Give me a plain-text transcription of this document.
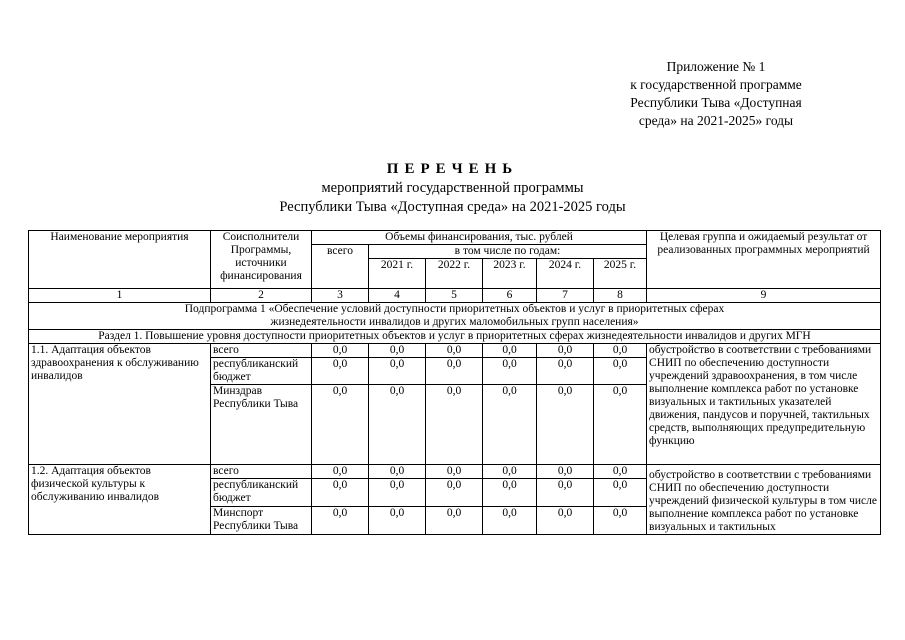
Приложение № 1
к государственной программе
Республики Тыва «Доступная
среда» на 2021-2025» годы
ПЕРЕЧЕНЬ
мероприятий государственной программы
Республики Тыва «Доступная среда» на 2021-2025 годы
Наименование мероприятия	Соисполнители Программы, источники финансирования	Объемы финансирования, тыс. рублей						Целевая группа и ожидаемый результат от реализованных программных мероприятий
		всего	в том числе по годам:					
			2021 г.	2022 г.	2023 г.	2024 г.	2025 г.	
1	2	3	4	5	6	7	8	9
Подпрограмма 1 «Обеспечение условий доступности приоритетных объектов и услуг в приоритетных сферах жизнедеятельности инвалидов и других маломобильных групп населения»								
Раздел 1. Повышение уровня доступности приоритетных объектов и услуг в приоритетных сферах жизнедеятельности инвалидов и других МГН								
1.1. Адаптация объектов здравоохранения к обслуживанию инвалидов	всего	0,0	0,0	0,0	0,0	0,0	0,0	обустройство в соответствии с требованиями СНИП по обеспечению доступности учреждений здравоохранения, в том числе выполнение комплекса работ по установке визуальных и тактильных указателей движения, пандусов и поручней, тактильных средств, выполняющих предупредительную функцию
	республиканский бюджет	0,0	0,0	0,0	0,0	0,0	0,0	
	Минздрав Республики Тыва	0,0	0,0	0,0	0,0	0,0	0,0	
1.2. Адаптация объектов физической культуры к обслуживанию инвалидов	всего	0,0	0,0	0,0	0,0	0,0	0,0	обустройство в соответствии с требованиями СНИП по обеспечению доступности учреждений физической культуры в том числе выполнение комплекса работ по установке визуальных и тактильных
	республиканский бюджет	0,0	0,0	0,0	0,0	0,0	0,0	
	Минспорт Республики Тыва	0,0	0,0	0,0	0,0	0,0	0,0	
